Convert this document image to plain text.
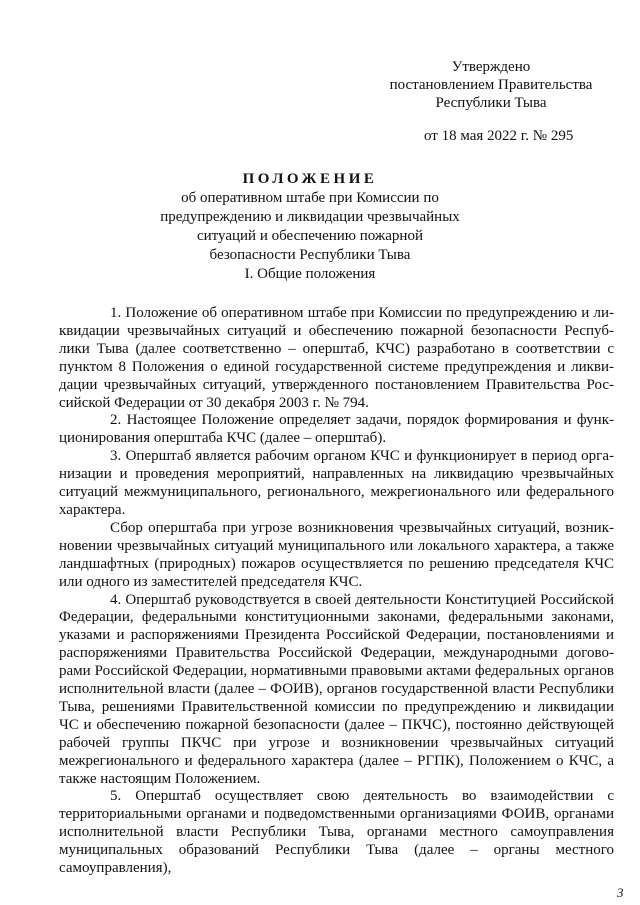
Утверждено
постановлением Правительства
Республики Тыва
от 18 мая 2022 г. № 295
ПОЛОЖЕНИЕ
об оперативном штабе при Комиссии по
предупреждению и ликвидации чрезвычайных
ситуаций и обеспечению пожарной
безопасности Республики Тыва
I. Общие положения

1. Положение об оперативном штабе при Комиссии по предупреждению и ликвидации чрезвычайных ситуаций и обеспечению пожарной безопасности Республики Тыва (далее соответственно – оперштаб, КЧС) разработано в соответствии с пунктом 8 Положения о единой государственной системе предупреждения и ликвидации чрезвычайных ситуаций, утвержденного постановлением Правительства Российской Федерации от 30 декабря 2003 г. № 794.

2. Настоящее Положение определяет задачи, порядок формирования и функционирования оперштаба КЧС (далее – оперштаб).

3. Оперштаб является рабочим органом КЧС и функционирует в период организации и проведения мероприятий, направленных на ликвидацию чрезвычайных ситуаций межмуниципального, регионального, межрегионального или федерального характера.

Сбор оперштаба при угрозе возникновения чрезвычайных ситуаций, возникновении чрезвычайных ситуаций муниципального или локального характера, а также ландшафтных (природных) пожаров осуществляется по решению председателя КЧС или одного из заместителей председателя КЧС.

4. Оперштаб руководствуется в своей деятельности Конституцией Российской Федерации, федеральными конституционными законами, федеральными законами, указами и распоряжениями Президента Российской Федерации, постановлениями и распоряжениями Правительства Российской Федерации, международными договорами Российской Федерации, нормативными правовыми актами федеральных органов исполнительной власти (далее – ФОИВ), органов государственной власти Республики Тыва, решениями Правительственной комиссии по предупреждению и ликвидации ЧС и обеспечению пожарной безопасности (далее – ПКЧС), постоянно действующей рабочей группы ПКЧС при угрозе и возникновении чрезвычайных ситуаций межрегионального и федерального характера (далее – РГПК), Положением о КЧС, а также настоящим Положением.

5. Оперштаб осуществляет свою деятельность во взаимодействии с территориальными органами и подведомственными организациями ФОИВ, органами исполнительной власти Республики Тыва, органами местного самоуправления муниципальных образований Республики Тыва (далее – органы местного самоуправления),

3
